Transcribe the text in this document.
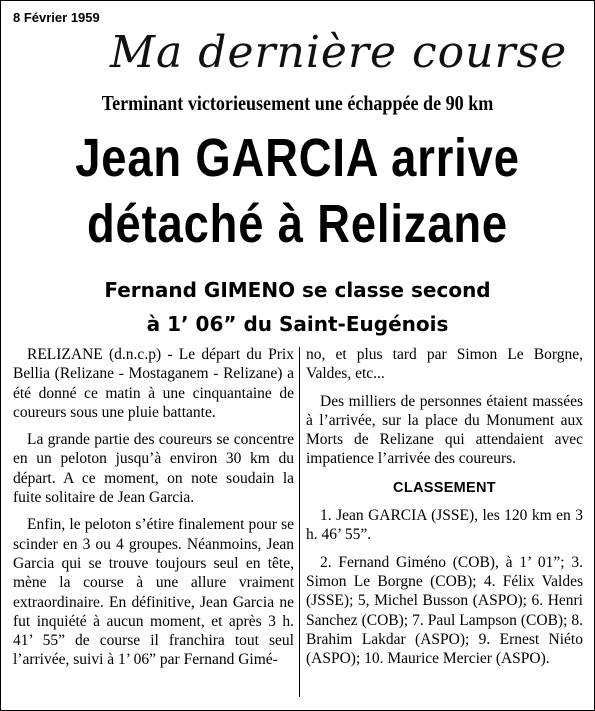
8 Février 1959
Ma dernière course
Terminant victorieusement une échappée de 90 km
Jean GARCIA arrive
détaché à Relizane
Fernand GIMENO se classe second
à 1’ 06” du Saint-Eugénois

RELIZANE (d.n.c.p) - Le départ du Prix Bellia (Relizane - Mostaganem - Relizane) a été donné ce matin à une cinquantaine de coureurs sous une pluie battante.

La grande partie des coureurs se concentre en un peloton jusqu’à environ 30 km du départ. A ce moment, on note soudain la fuite solitaire de Jean Garcia.

Enfin, le peloton s’étire finalement pour se scinder en 3 ou 4 groupes. Néanmoins, Jean Garcia qui se trouve toujours seul en tête, mène la course à une allure vraiment extraordinaire. En définitive, Jean Garcia ne fut inquiété à aucun moment, et après 3 h. 41’ 55” de course il franchira tout seul l’arrivée, suivi à 1’ 06” par Fernand Gimé-

no, et plus tard par Simon Le Borgne, Valdes, etc...

Des milliers de personnes étaient massées à l’arrivée, sur la place du Monument aux Morts de Relizane qui attendaient avec impatience l’arrivée des coureurs.

CLASSEMENT

1. Jean GARCIA (JSSE), les 120 km en 3 h. 46’ 55”.

2. Fernand Giméno (COB), à 1’ 01”; 3. Simon Le Borgne (COB); 4. Félix Valdes (JSSE); 5, Michel Busson (ASPO); 6. Henri Sanchez (COB); 7. Paul Lampson (COB); 8. Brahim Lakdar (ASPO); 9. Ernest Niéto (ASPO); 10. Maurice Mercier (ASPO).
